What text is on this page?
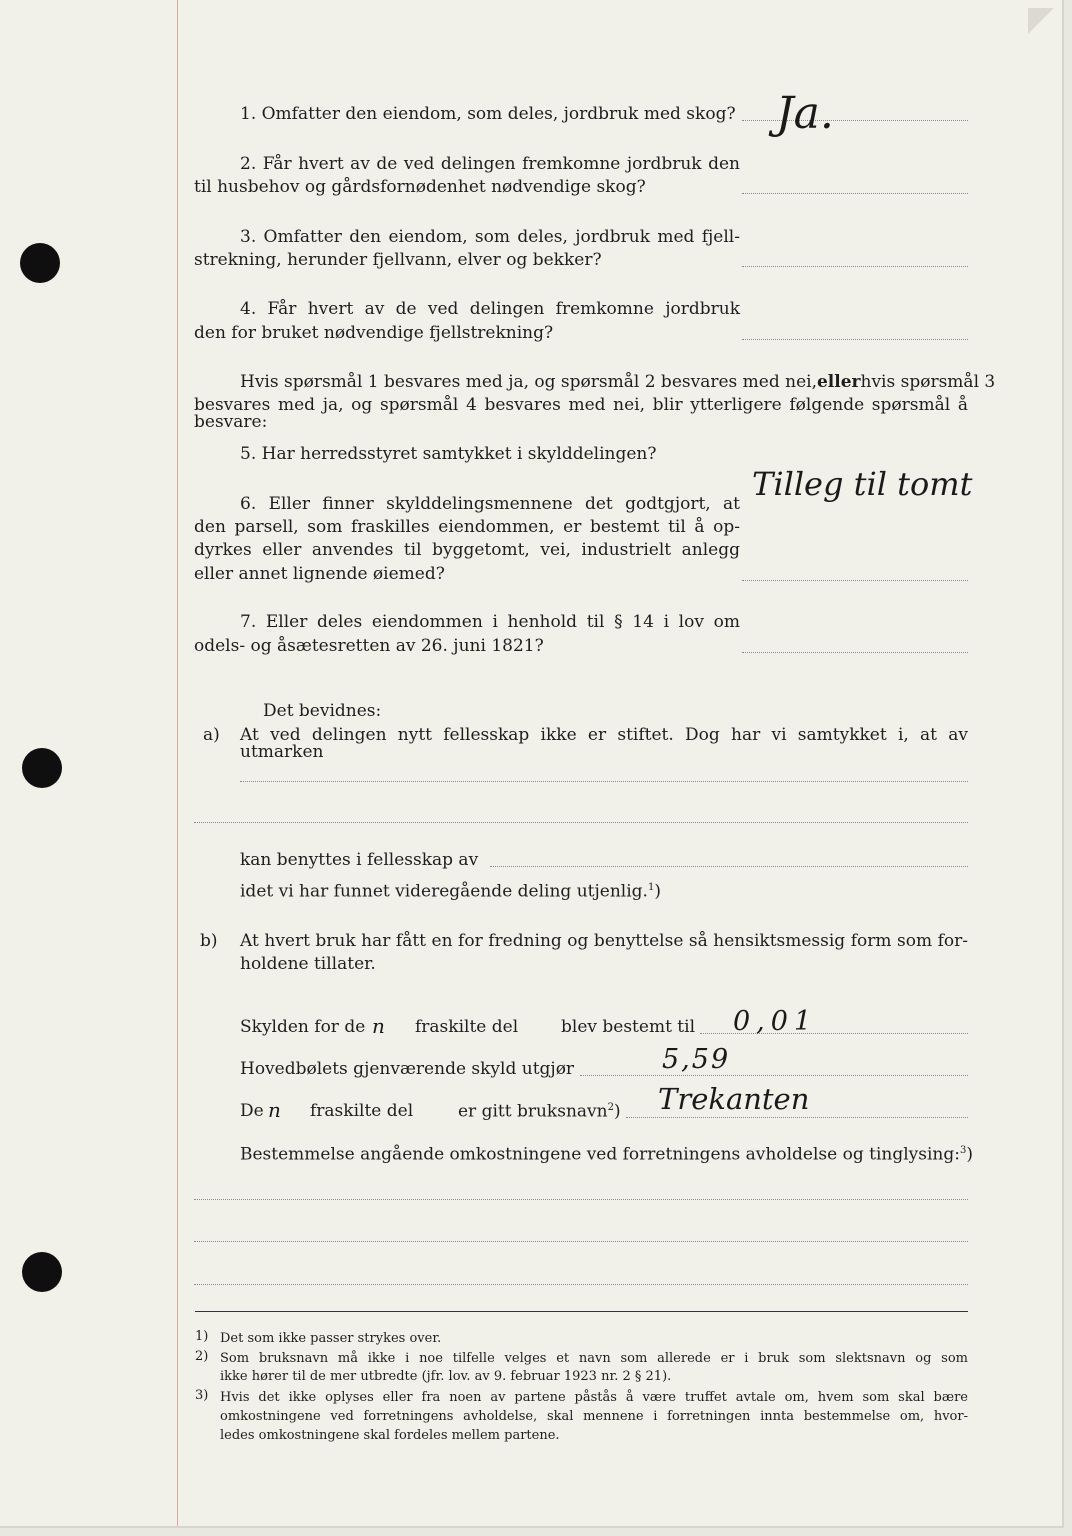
1. Omfatter den eiendom, som deles, jordbruk med skog? Ja.
2. Får hvert av de ved delingen fremkomne jordbruk den
til husbehov og gårdsfornødenhet nødvendige skog?
3. Omfatter den eiendom, som deles, jordbruk med fjell-
strekning, herunder fjellvann, elver og bekker?
4. Får hvert av de ved delingen fremkomne jordbruk
den for bruket nødvendige fjellstrekning?
Hvis spørsmål 1 besvares med ja, og spørsmål 2 besvares med nei, eller hvis spørsmål 3
besvares med ja, og spørsmål 4 besvares med nei, blir ytterligere følgende spørsmål å besvare:
5. Har herredsstyret samtykket i skylddelingen?
Tilleg til tomt
6. Eller finner skylddelingsmennene det godtgjort, at
den parsell, som fraskilles eiendommen, er bestemt til å op-
dyrkes eller anvendes til byggetomt, vei, industrielt anlegg
eller annet lignende øiemed?
7. Eller deles eiendommen i henhold til § 14 i lov om
odels- og åsætesretten av 26. juni 1821?
Det bevidnes:
a) At ved delingen nytt fellesskap ikke er stiftet. Dog har vi samtykket i, at av utmarken
kan benyttes i fellesskap av
idet vi har funnet videregående deling utjenlig.$^1$)
b) At hvert bruk har fått en for fredning og benyttelse så hensiktsmessig form som for-
holdene tillater.
Skylden for de n fraskilte del	blev bestemt til 0,01
Hovedbølets gjenværende skyld utgjør	5,59
De n fraskilte del	er gitt bruksnavn$^2$) Trekanten
Bestemmelse angående omkostningene ved forretningens avholdelse og tinglysing:$^3$)
1) Det som ikke passer strykes over.
2) Som bruksnavn må ikke i noe tilfelle velges et navn som allerede er i bruk som slektsnavn og som
ikke hører til de mer utbredte (jfr. lov. av 9. februar 1923 nr. 2 § 21).
3) Hvis det ikke oplyses eller fra noen av partene påstås å være truffet avtale om, hvem som skal bære
omkostningene ved forretningens avholdelse, skal mennene i forretningen innta bestemmelse om, hvor-
ledes omkostningene skal fordeles mellem partene.
